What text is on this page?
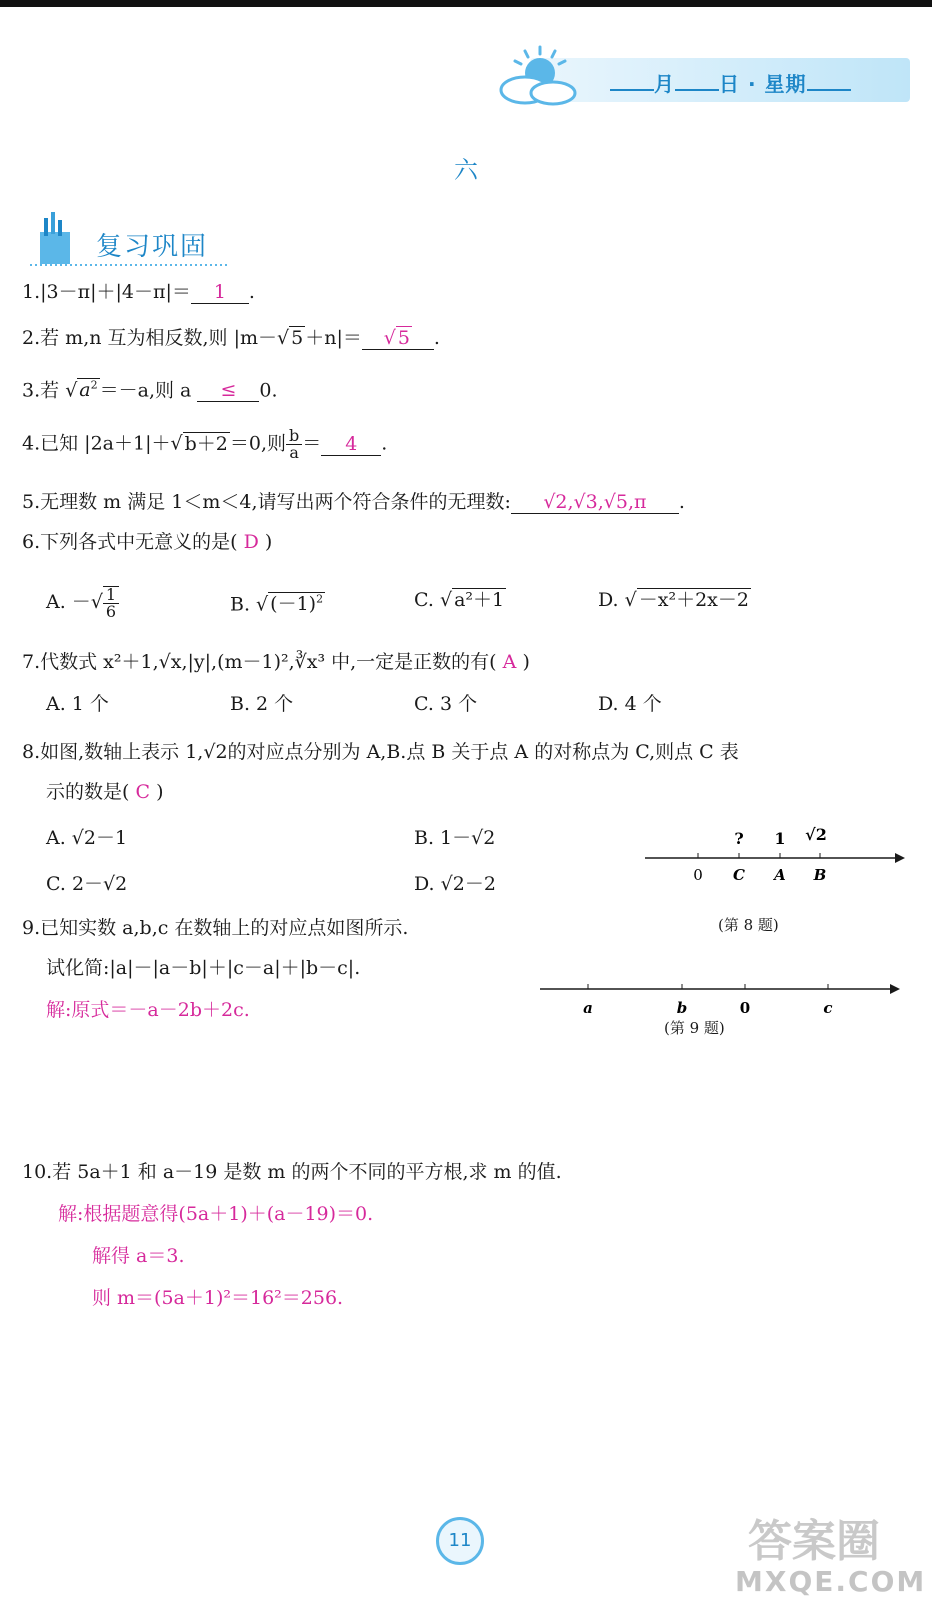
月 日 · 星期
六
复习巩固
1.|3－π|＋|4－π|＝ 1 .
2.若 m,n 互为相反数,则 |m－√ 5 ＋n|＝ √ 5 .
3.若 √ $a^2 =-a$,则 a ≤ 0.
4.已知 |2a＋1|＋√ b＋2 ＝0,则 $\frac{b}{a} = 4$ .
5.无理数 m 满足 1＜m＜4,请写出两个符合条件的无理数: √2,√3,√5,π .
6.下列各式中无意义的是( D )
A. －√ $\frac{1}{6}$	B. √ $(-1)^2$	C. √ a²＋1	D. √ －x²＋2x－2
7.代数式 x²＋1,√x,|y|,(m－1)²,∛x³ 中,一定是正数的有( A )
A. 1 个	B. 2 个	C. 3 个	D. 4 个
8.如图,数轴上表示 1,√2的对应点分别为 A,B.点 B 关于点 A 的对称点为 C,则点 C 表
示的数是( C )
A. √2－1	B. 1－√2
C. 2－√2	D. √2－2
? 1 √2
0 C A B
(第 8 题)
9.已知实数 a,b,c 在数轴上的对应点如图所示.
试化简:|a|－|a－b|＋|c－a|＋|b－c|.
解:原式＝－a－2b＋2c.	a	b	0	c
(第 9 题)
10.若 5a＋1 和 a－19 是数 m 的两个不同的平方根,求 m 的值.
解:根据题意得(5a＋1)＋(a－19)＝0.
解得 a＝3.
则 m＝(5a＋1)²＝16²＝256.
11	答案圈
MXQE.COM
